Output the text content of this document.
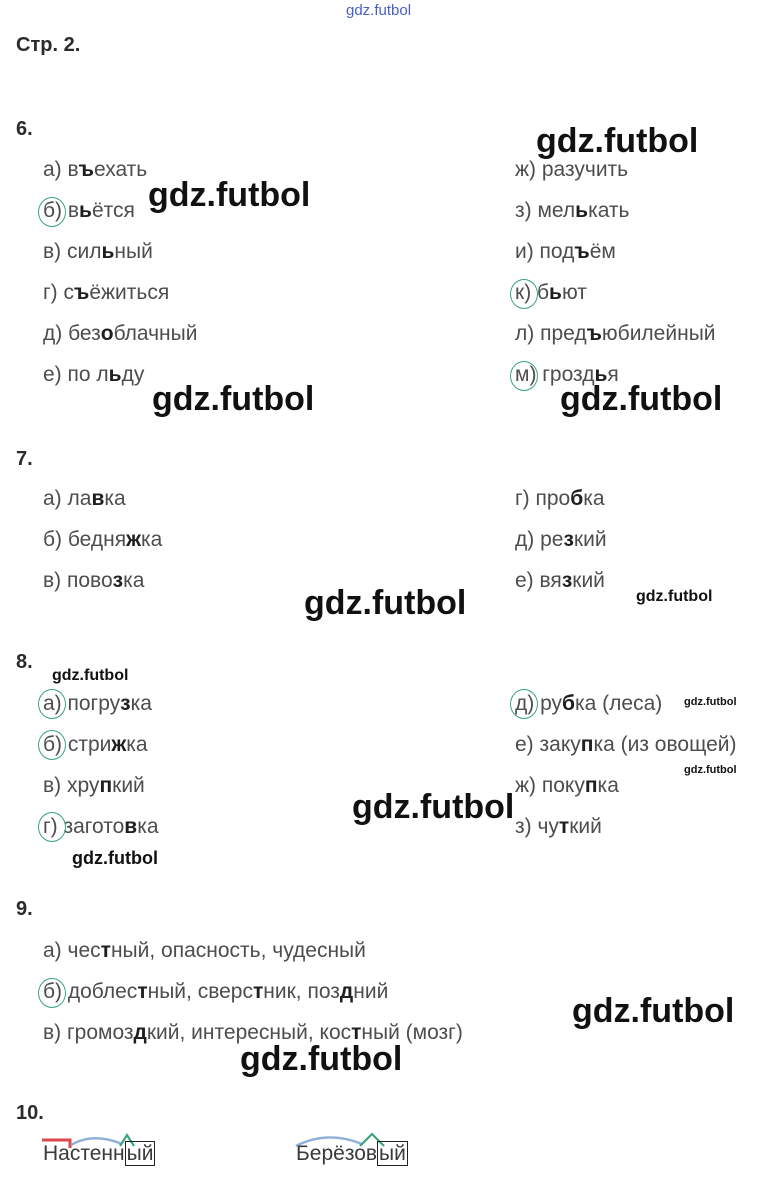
gdz.futbol
Стр. 2.
6.
а) въехать
б) вьётся
в) сильный
г) съёжиться
д) безоблачный
е) по льду
ж) разучить
з) мелькать
и) подъём
к) бьют
л) предъюбилейный
м) гроздья
7.
а) лавка
б) бедняжка
в) повозка
г) пробка
д) резкий
е) вязкий
8.
а) погрузка
б) стрижка
в) хрупкий
г) заготовка
д) рубка (леса)
е) закупка (из овощей)
ж) покупка
з) чуткий
9.
а) честный, опасность, чудесный
б) доблестный, сверстник, поздний
в) громоздкий, интересный, костный (мозг)
10.
Настенный	Берёзовый
gdz.futbol
gdz.futbol
gdz.futbol	gdz.futbol
gdz.futbol	gdz.futbol
gdz.futbol
gdz.futbol
gdz.futbol
gdz.futbol
gdz.futbol
gdz.futbol
gdz.futbol
